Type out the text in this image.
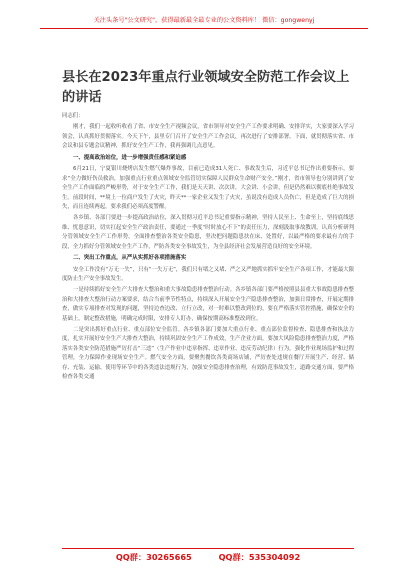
关注头条号"公文研究"，获得最新最全最专业的公文资料库！ 微信：gongwenyj
县长在2023年重点行业领域安全防范工作会议上的讲话

同志们：

刚才，我们一起收听收看了省、市安全生产视频会议，省市领导对安全生产工作要求明确、安排详实，大家要深入学习领会，认真抓好贯彻落实。今天下午，县里专门召开了安全生产工作会议，再次进行了安排部署。下面，就贯彻落实省、市会议和县专题会议精神，抓好安全生产工作，我再强调几点意见。

一、提高政治站位，进一步增强责任感和紧迫感

6月21日，宁夏银川烧烤店发生燃气爆炸事故，目前已造成31人死亡、事故发生后，习近平总书记作出重要指示，要求“全力做好伤员救治，加强重点行业重点领域安全监管切实保障人民群众生命财产安全。”刚才，省市领导也分别讲到了安全生产工作面临的严峻形势，对于安全生产工作，我们是天天讲、次次讲，大会讲、小会讲，但是仍然难以彻底杜绝事故发生。前段时间，**境上一位商户发生了火灾，昨天**一家企业又发生了火灾，虽说没有造成人员伤亡，但是造成了巨大的损失，而且连续两起，要求我们必须高度警醒。

各乡镇、各部门要进一步提高政治站位，深入贯彻习近平总书记重要指示精神，坚持人民至上、生命至上，坚持底线思维、忧患意识，切实扛起安全生产政治责任，要通过一季度“时时放心不下”的责任压力，深刻汲取事故教训，认真分析研判分管领域安全生产工作形势，全面排查整治各类安全隐患，坚决把问题隐患扶在床、处置好，以最严格的要求最有力的手段，全力抓好分管领域安全生产工作，严防各类安全事故发生，为全县经济社会发展营造良好的安全环境。

二、突出工作重点，从严从实抓好各项措施落实

安全工作没有“万无一失”，只有“一失万无”，我们只有堵之又堵、严之又严地抓实抓牢安全生产各项工作，才能最大限度防止生产安全事故发生。

一是持续抓好安全生产大排查大整治和重大事故隐患排查整治行动。各乡镇各部门要严格按照县县重大事故隐患排查整治和大排查大整治行动方案要求，结合当前季节性特点，持续深入开展安全生产隐患排查整治，加强日常排查，开展定期排查，做实专项排查对发现的问题，坚持边查边改、立行立改，对一时难以整改到位的，要在严格落实管控措施，确保安全的基础上，制定整改措施，明确完成时限，安排专人盯办，确保按期高标准整改到位。

二是突出抓好重点行业、重点部位安全监管。各乡镇各部门要加大重点行业、重点部位监督检查、隐患排查和执法力度，扎实开展好安全生产大排查大整治，持续巩固安全生产工作成效，生产企业方面，要加大风险隐患排查整治力度，严格落实各类安全防范措施严厉打击“三违”（生产作业中违章指挥、违章作业、违反劳动纪律）行为，强化作业现场监护和过程管理，全力保障作业现场安全生产。燃气安全方面，要聚焦餐饮各类商场店铺，严厉查处违规在餐厅开展生产、经营、储存、充装、运输、使用等环节中的各类违法违规行为，加强安全隐患排查治理，有效防范事故发生，道路交通方面，要严格检查各类交通

QQ群：30265665	QQ群：535304092
